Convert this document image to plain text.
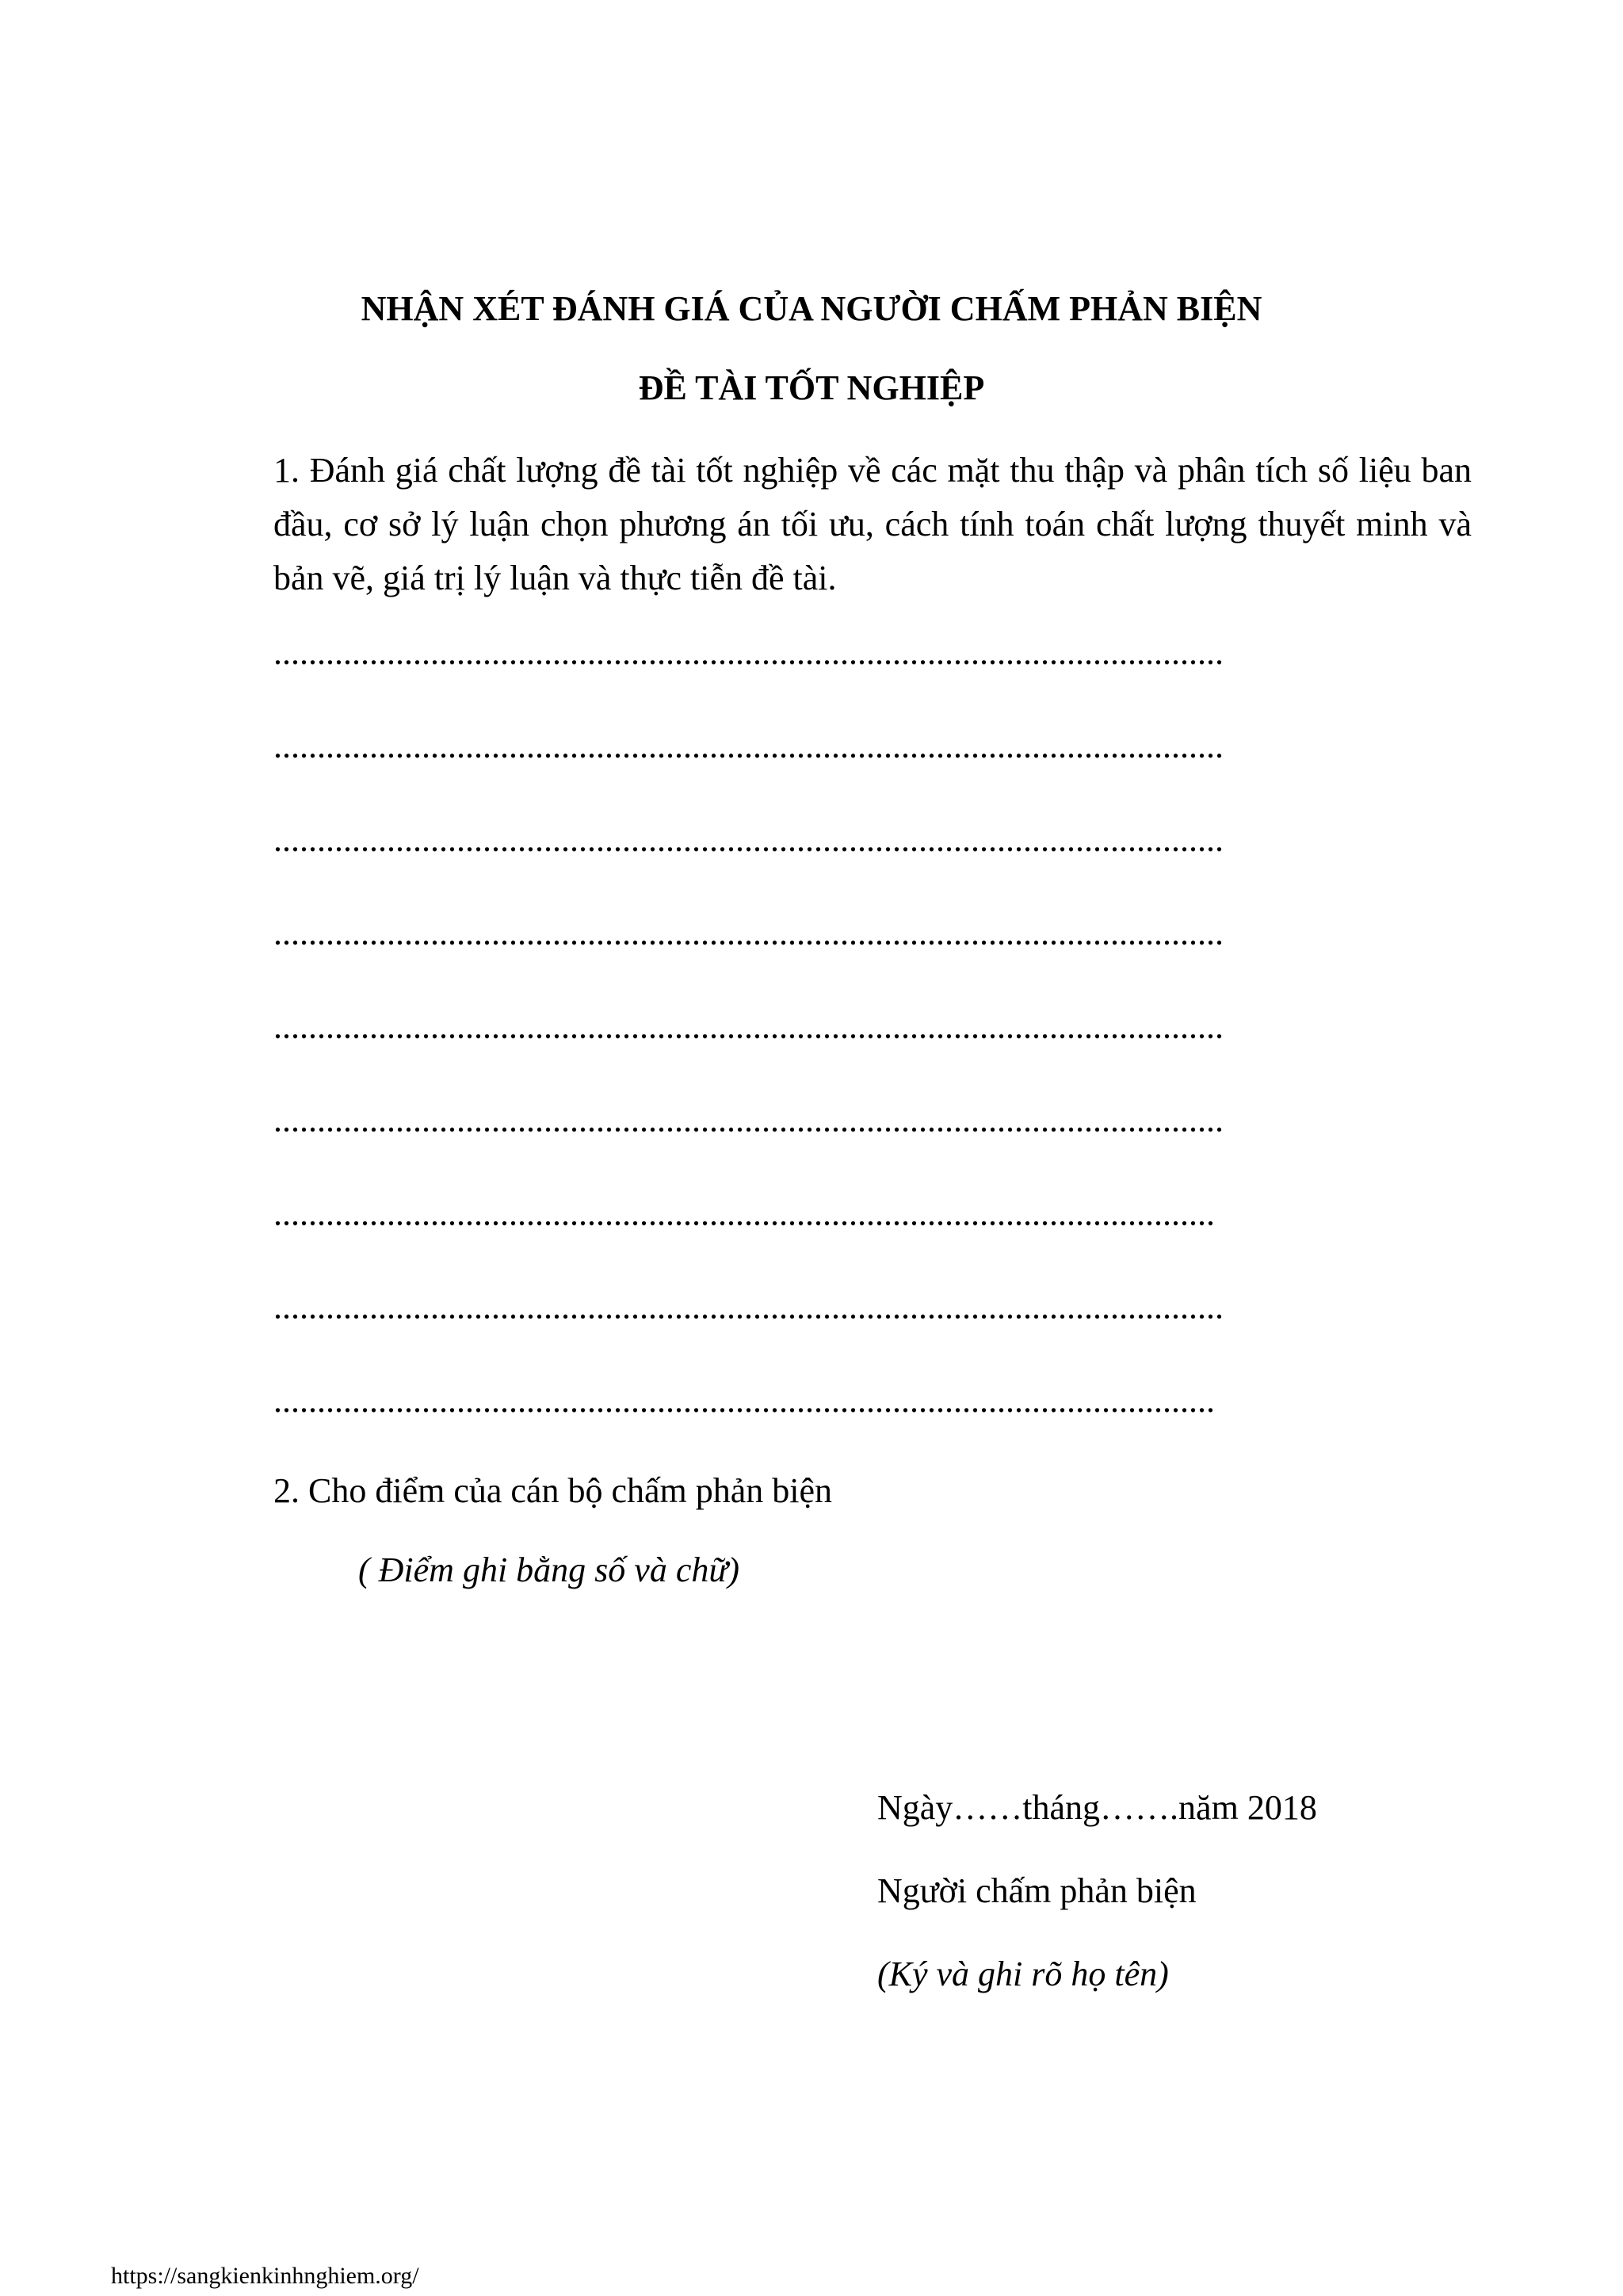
NHẬN XÉT ĐÁNH GIÁ CỦA NGƯỜI CHẤM PHẢN BIỆN
ĐỀ TÀI TỐT NGHIỆP
1. Đánh giá chất lượng đề tài tốt nghiệp về các mặt thu thập và phân tích số liệu ban đầu, cơ sở lý luận chọn phương án tối ưu, cách tính toán chất lượng thuyết minh và bản vẽ, giá trị lý luận và thực tiễn đề tài.
.............................................................................................................
.............................................................................................................
.............................................................................................................
.............................................................................................................
.............................................................................................................
.............................................................................................................
............................................................................................................
.............................................................................................................
............................................................................................................
2. Cho điểm của cán bộ chấm phản biện
( Điểm ghi bằng số và chữ)
Ngày……tháng…….năm 2018
Người chấm phản biện
(Ký và ghi rõ họ tên)
https://sangkienkinhnghiem.org/
